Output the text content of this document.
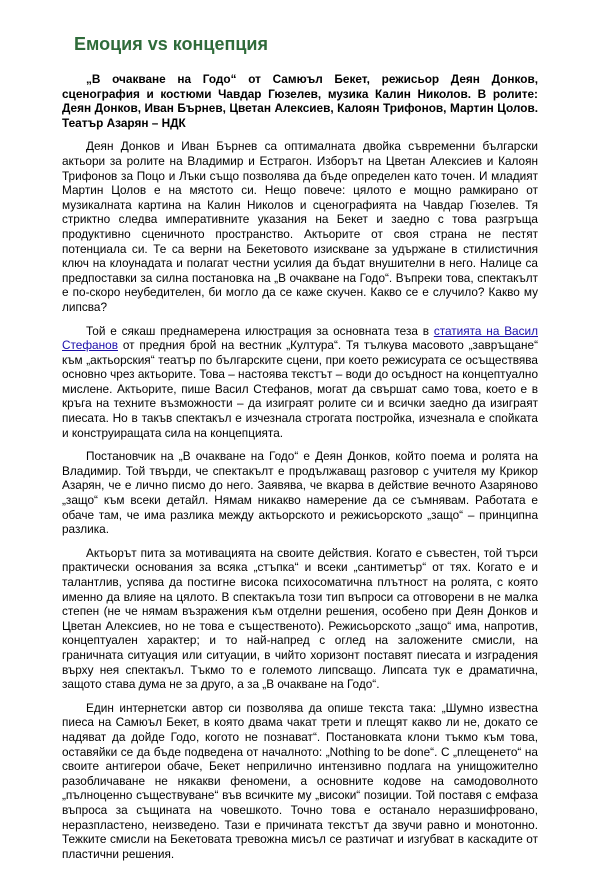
Емоция vs концепция

„В очакване на Годо“ от Самюъл Бекет, режисьор Деян Донков, сценография и костюми Чавдар Гюзелев, музика Калин Николов. В ролите: Деян Донков, Иван Бърнев, Цветан Алексиев, Калоян Трифонов, Мартин Цолов. Театър Азарян – НДК

Деян Донков и Иван Бърнев са оптималната двойка съвременни български актьори за ролите на Владимир и Естрагон. Изборът на Цветан Алексиев и Калоян Трифонов за Поцо и Лъки също позволява да бъде определен като точен. И младият Мартин Цолов е на мястото си. Нещо повече: цялото е мощно рамкирано от музикалната картина на Калин Николов и сценографията на Чавдар Гюзелев. Тя стриктно следва императивните указания на Бекет и заедно с това разгръща продуктивно сценичното пространство. Актьорите от своя страна не пестят потенциала си. Те са верни на Бекетовото изискване за удържане в стилистичния ключ на клоунадата и полагат честни усилия да бъдат внушителни в него. Налице са предпоставки за силна постановка на „В очакване на Годо“. Въпреки това, спектакълт е по-скоро неубедителен, би могло да се каже скучен. Какво се е случило? Какво му липсва?

Той е сякаш преднамерена илюстрация за основната теза в статията на Васил Стефанов от предния брой на вестник „Култура“. Тя тълкува масовото „завръщане“ към „актьорския“ театър по българските сцени, при което режисурата се осъществява основно чрез актьорите. Това – настоява текстът – води до осъдност на концептуално мислене. Актьорите, пише Васил Стефанов, могат да свършат само това, което е в кръга на техните възможности – да изиграят ролите си и всички заедно да изиграят пиесата. Но в такъв спектакъл е изчезнала строгата постройка, изчезнала е спойката и конструиращата сила на концепцията.

Постановчик на „В очакване на Годо“ е Деян Донков, който поема и ролята на Владимир. Той твърди, че спектакълт е продължаващ разговор с учителя му Крикор Азарян, че е лично писмо до него. Заявява, че вкарва в действие вечното Азаряново „защо“ към всеки детайл. Нямам никакво намерение да се съмнявам. Работата е обаче там, че има разлика между актьорското и режисьорското „защо“ – принципна разлика.

Актьорът пита за мотивацията на своите действия. Когато е съвестен, той търси практически основания за всяка „стъпка“ и всеки „сантиметър“ от тях. Когато е и талантлив, успява да постигне висока психосоматична плътност на ролята, с която именно да влияе на цялото. В спектакъла този тип въпроси са отговорени в не малка степен (не че нямам възражения към отделни решения, особено при Деян Донков и Цветан Алексиев, но не това е същественото). Режисьорското „защо“ има, напротив, концептуален характер; и то най-напред с оглед на заложените смисли, на граничната ситуация или ситуации, в чийто хоризонт поставят пиесата и изградения върху нея спектакъл. Тъкмо то е големото липсващо. Липсата тук е драматична, защото става дума не за друго, а за „В очакване на Годо“.

Един интернетски автор си позволява да опише текста така: „Шумно известна пиеса на Самюъл Бекет, в която двама чакат трети и плещят какво ли не, докато се надяват да дойде Годо, когото не познават“. Постановката клони тъкмо към това, оставяйки се да бъде подведена от началното: „Nothing to be done“. С „плещенето“ на своите антигерои обаче, Бекет неприлично интензивно подлага на унищожително разобличаване не някакви феномени, а основните кодове на самодоволното „пълноценно съществуване“ във всичките му „високи“ позиции. Той поставя с емфаза въпроса за същината на човешкото. Точно това е останало неразшифровано, неразпластено, неизведено. Тази е причината текстът да звучи равно и монотонно. Тежките смисли на Бекетовата тревожна мисъл се разтичат и изгубват в каскадите от пластични решения.
